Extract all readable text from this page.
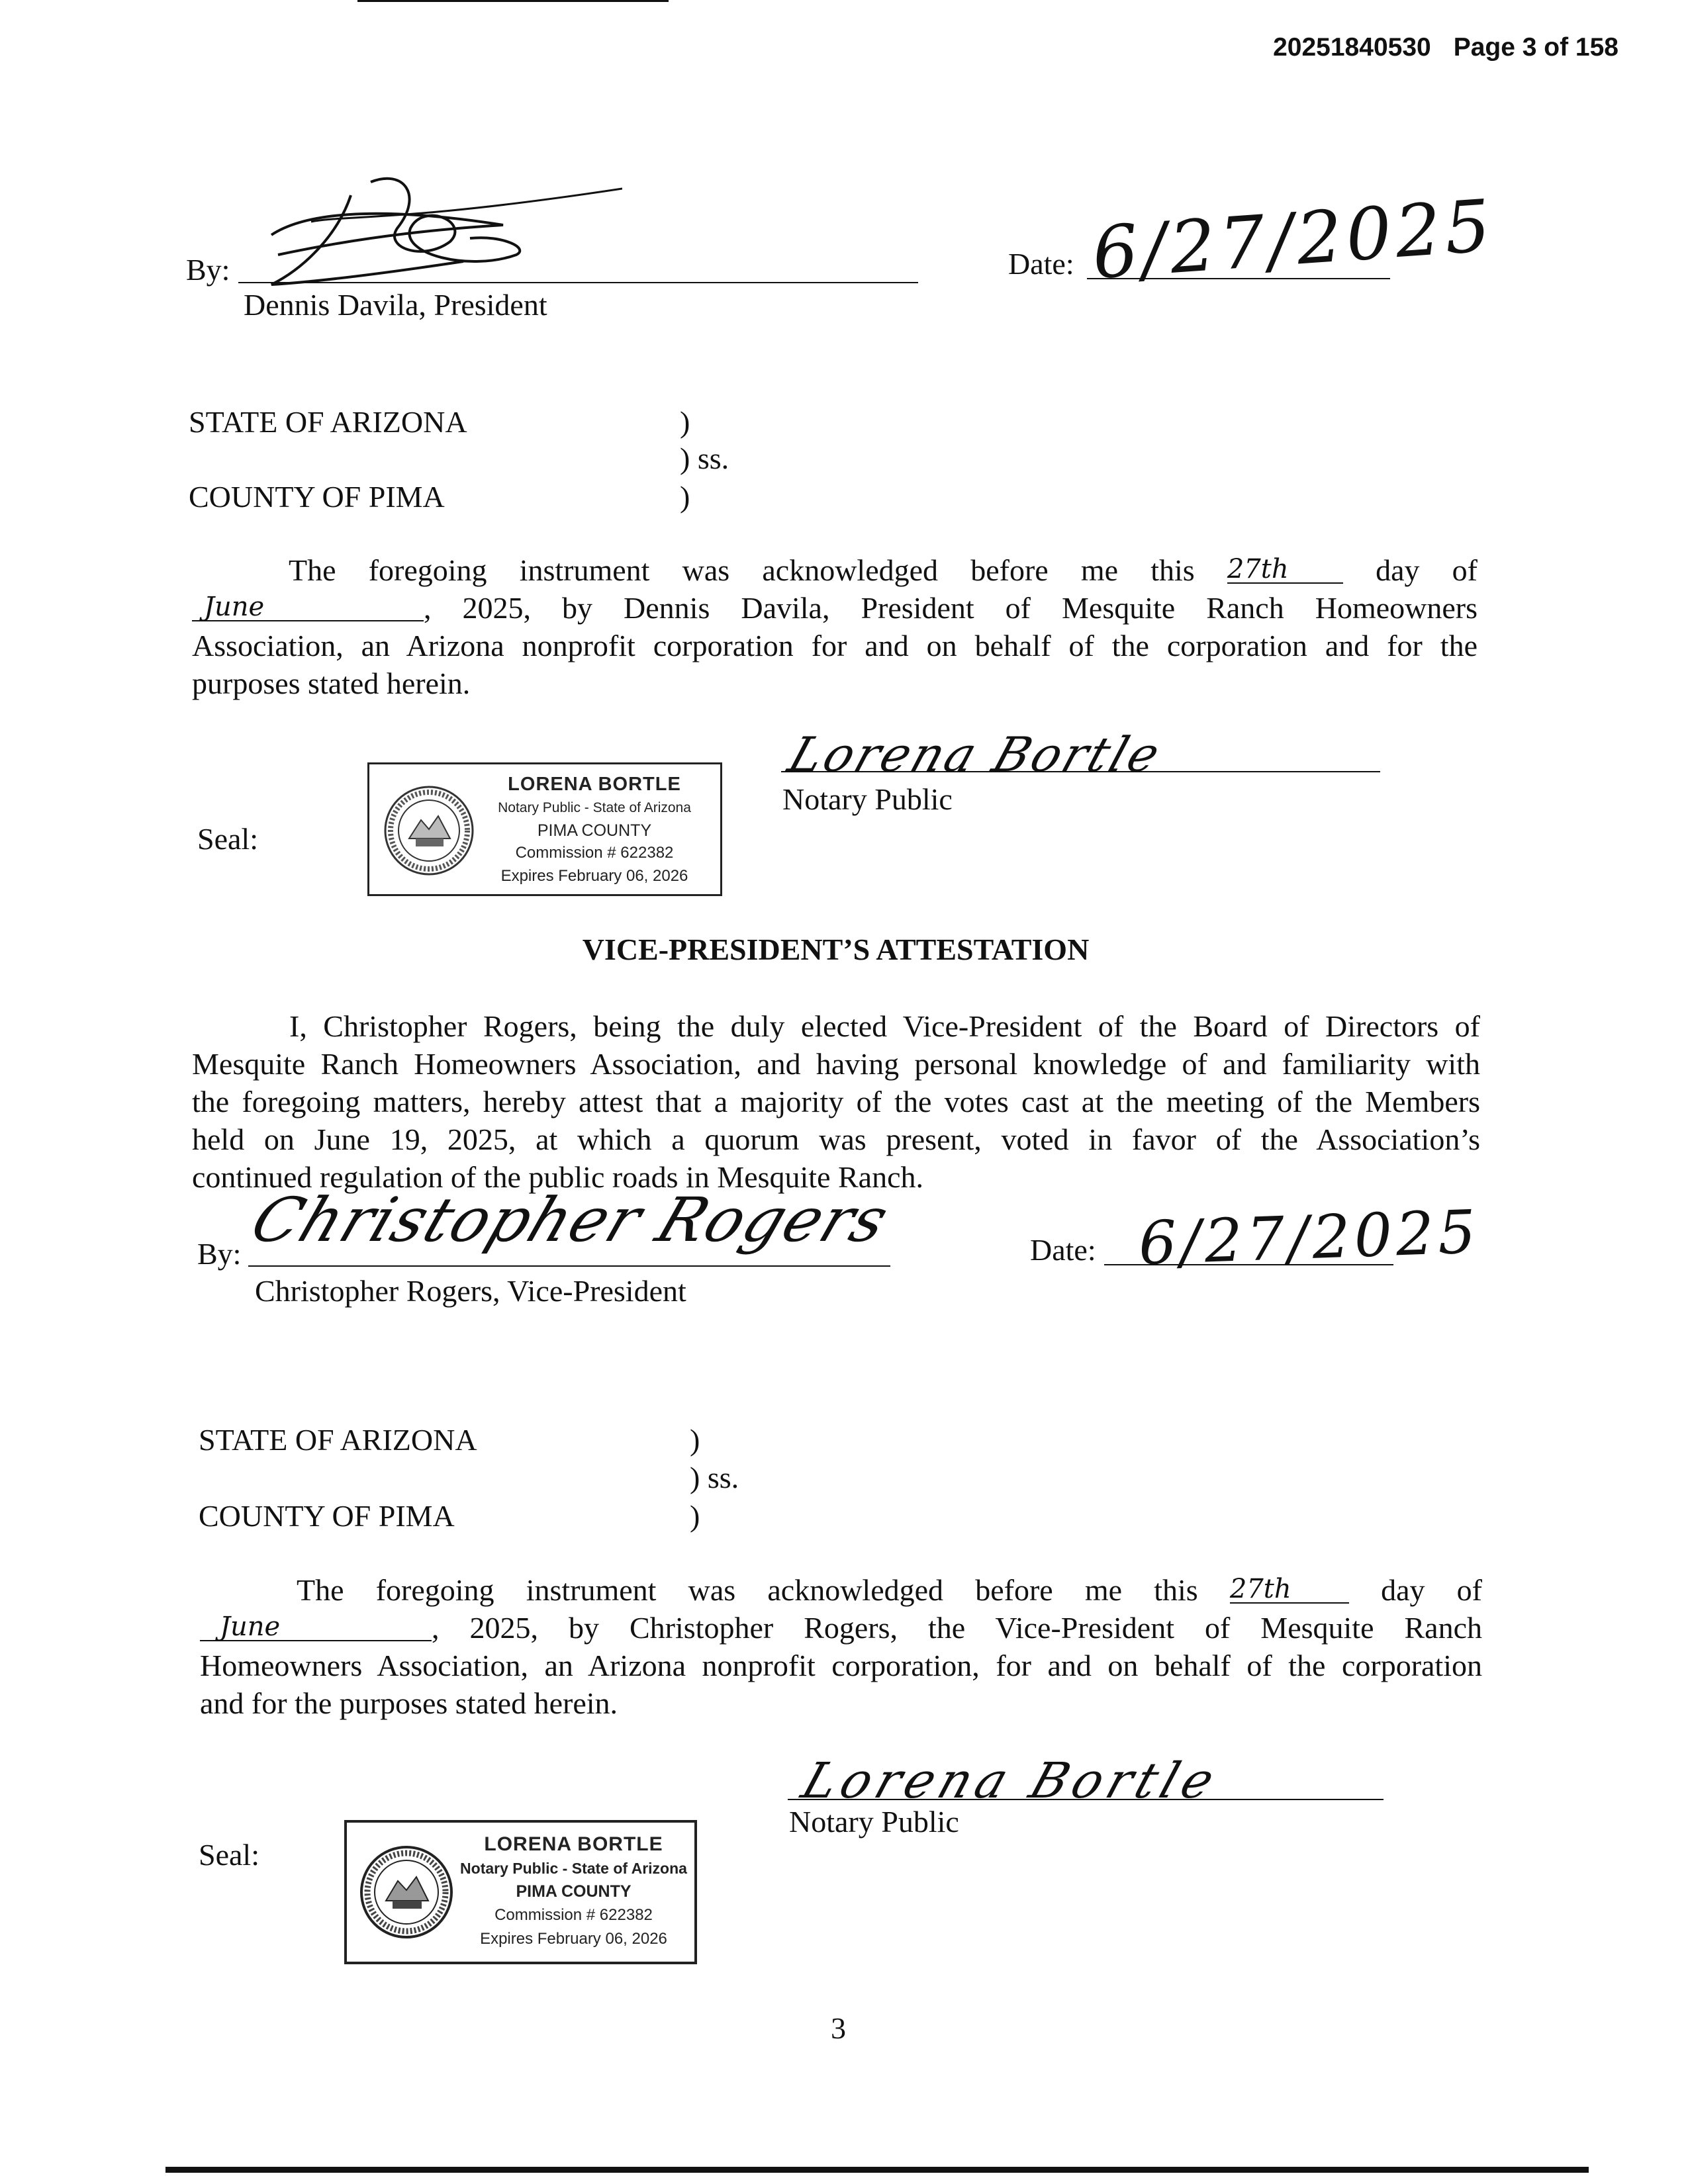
20251840530 Page 3 of 158
By:
Dennis Davila, President
Date: 6/27/2025
STATE OF ARIZONA	)
) ss.
COUNTY OF PIMA	)
The foregoing instrument was acknowledged before me this 27th	day of
June	, 2025, by Dennis Davila, President of Mesquite Ranch Homeowners
Association, an Arizona nonprofit corporation for and on behalf of the corporation and for the
purposes stated herein.
Seal:
LORENA BORTLE
Notary Public - State of Arizona
PIMA COUNTY
Commission # 622382
Expires February 06, 2026
Lorena Bortle
Notary Public
VICE-PRESIDENT’S ATTESTATION
I, Christopher Rogers, being the duly elected Vice-President of the Board of Directors of
Mesquite Ranch Homeowners Association, and having personal knowledge of and familiarity with
the foregoing matters, hereby attest that a majority of the votes cast at the meeting of the Members
held on June 19, 2025, at which a quorum was present, voted in favor of the Association’s
continued regulation of the public roads in Mesquite Ranch.
By: Christopher Rogers
Christopher Rogers, Vice-President
Date: 6/27/2025
STATE OF ARIZONA	)
) ss.
COUNTY OF PIMA	)
The foregoing instrument was acknowledged before me this 27th	day of
June	, 2025, by Christopher Rogers, the Vice-President of Mesquite Ranch
Homeowners Association, an Arizona nonprofit corporation, for and on behalf of the corporation
and for the purposes stated herein.
Seal:	LORENA BORTLE
Notary Public - State of Arizona
PIMA COUNTY
Commission # 622382
Expires February 06, 2026
Lorena Bortle
Notary Public
3
